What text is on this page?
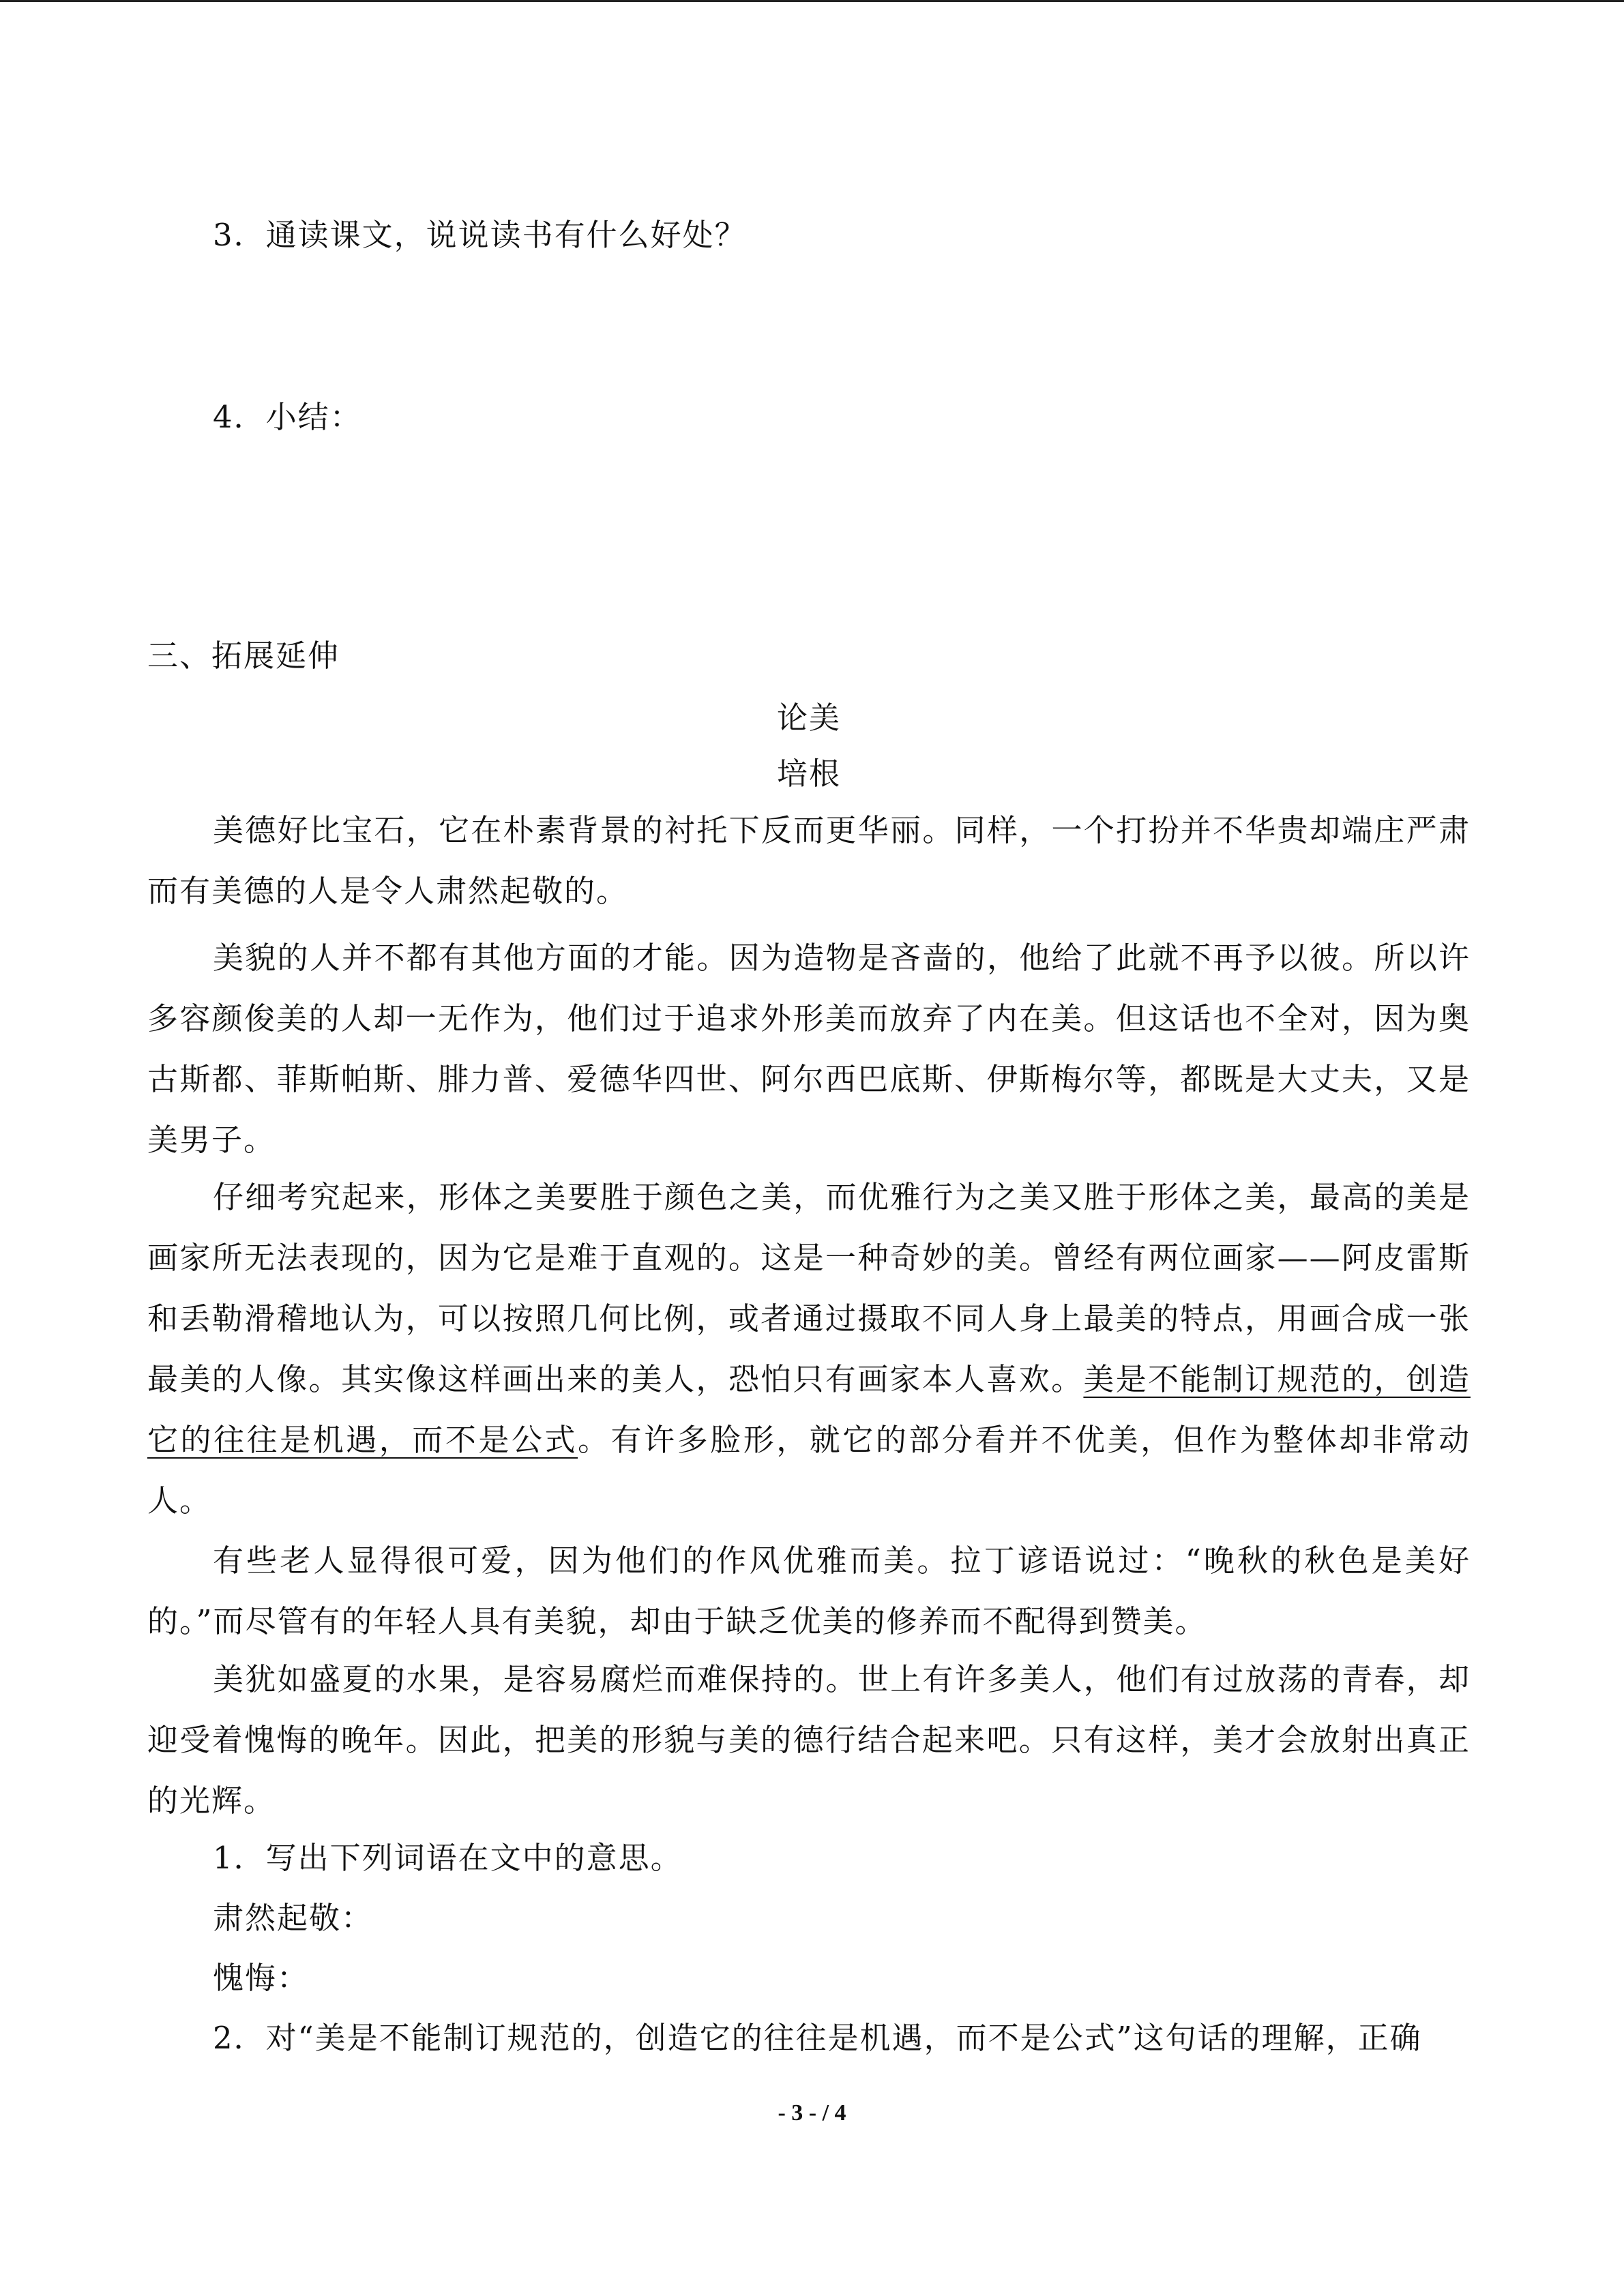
3．通读课文，说说读书有什么好处？

4．小结：

三、拓展延伸

论美

培根

美德好比宝石，它在朴素背景的衬托下反而更华丽。同样，一个打扮并不华贵却端庄严肃而有美德的人是令人肃然起敬的。

美貌的人并不都有其他方面的才能。因为造物是吝啬的，他给了此就不再予以彼。所以许多容颜俊美的人却一无作为，他们过于追求外形美而放弃了内在美。但这话也不全对，因为奥古斯都、菲斯帕斯、腓力普、爱德华四世、阿尔西巴底斯、伊斯梅尔等，都既是大丈夫，又是美男子。

仔细考究起来，形体之美要胜于颜色之美，而优雅行为之美又胜于形体之美，最高的美是画家所无法表现的，因为它是难于直观的。这是一种奇妙的美。曾经有两位画家——阿皮雷斯和丢勒滑稽地认为，可以按照几何比例，或者通过摄取不同人身上最美的特点，用画合成一张最美的人像。其实像这样画出来的美人，恐怕只有画家本人喜欢。美是不能制订规范的，创造它的往往是机遇，而不是公式。有许多脸形，就它的部分看并不优美，但作为整体却非常动人。

有些老人显得很可爱，因为他们的作风优雅而美。拉丁谚语说过：“晚秋的秋色是美好的。”而尽管有的年轻人具有美貌，却由于缺乏优美的修养而不配得到赞美。

美犹如盛夏的水果，是容易腐烂而难保持的。世上有许多美人，他们有过放荡的青春，却迎受着愧悔的晚年。因此，把美的形貌与美的德行结合起来吧。只有这样，美才会放射出真正的光辉。

1．写出下列词语在文中的意思。

肃然起敬：

愧悔：

2．对“美是不能制订规范的，创造它的往往是机遇，而不是公式”这句话的理解，正确

- 3 - / 4
